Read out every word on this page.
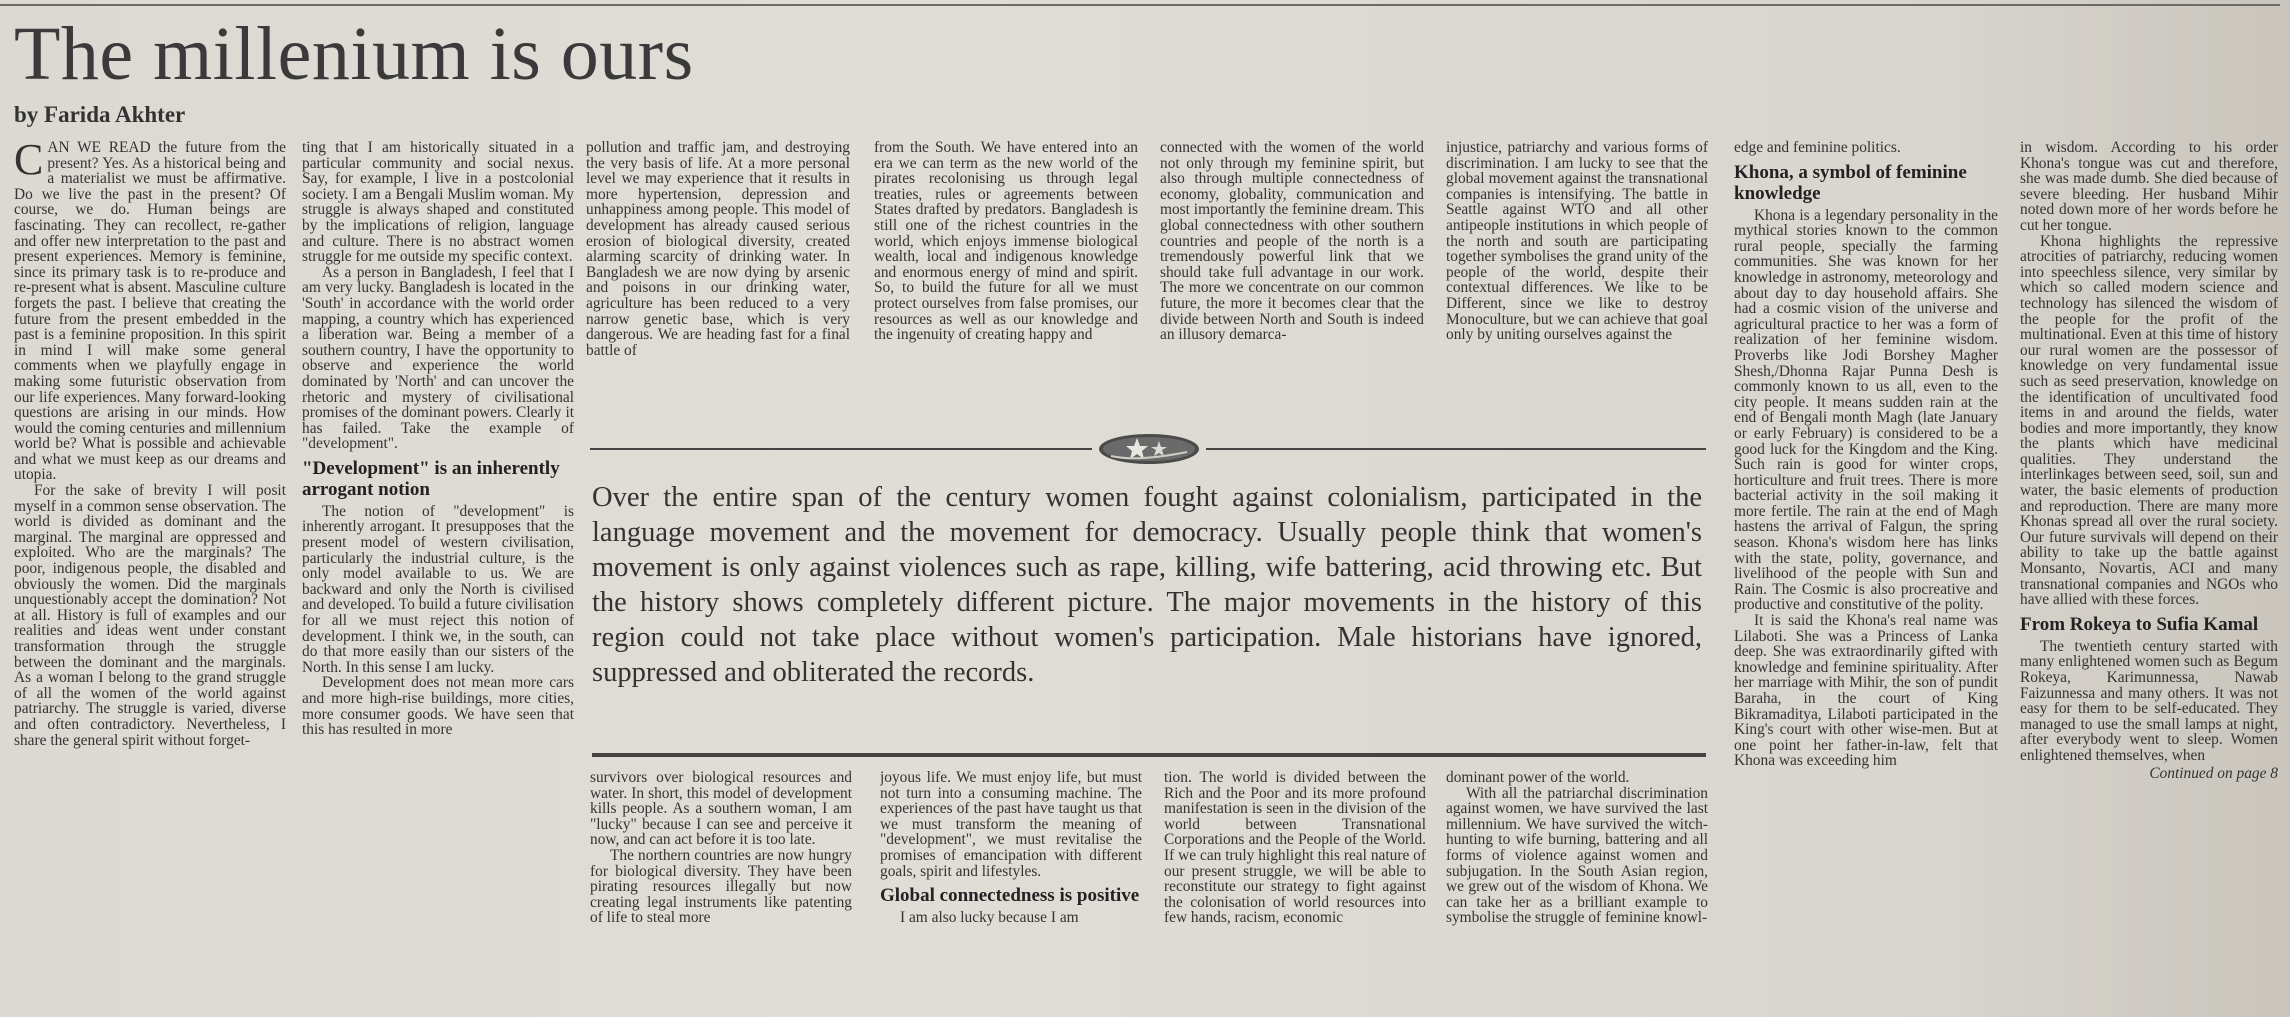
The millenium is ours
by Farida Akhter

CAN WE READ the future from the present? Yes. As a historical being and a materialist we must be affirmative. Do we live the past in the present? Of course, we do. Human beings are fascinating. They can recollect, re-gather and offer new interpretation to the past and present experiences. Memory is feminine, since its primary task is to re-produce and re-present what is absent. Masculine culture forgets the past. I believe that creating the future from the present embedded in the past is a feminine proposition. In this spirit in mind I will make some general comments when we playfully engage in making some futuristic observation from our life experiences. Many forward-looking questions are arising in our minds. How would the coming centuries and millennium world be? What is possible and achievable and what we must keep as our dreams and utopia.

For the sake of brevity I will posit myself in a common sense observation. The world is divided as dominant and the marginal. The marginal are oppressed and exploited. Who are the marginals? The poor, indigenous people, the disabled and obviously the women. Did the marginals unquestionably accept the domination? Not at all. History is full of examples and our realities and ideas went under constant transformation through the struggle between the dominant and the marginals. As a woman I belong to the grand struggle of all the women of the world against patriarchy. The struggle is varied, diverse and often contradictory. Nevertheless, I share the general spirit without forget-

ting that I am historically situated in a particular community and social nexus. Say, for example, I live in a postcolonial society. I am a Bengali Muslim woman. My struggle is always shaped and constituted by the implications of religion, language and culture. There is no abstract women struggle for me outside my specific context.

As a person in Bangladesh, I feel that I am very lucky. Bangladesh is located in the 'South' in accordance with the world order mapping, a country which has experienced a liberation war. Being a member of a southern country, I have the opportunity to observe and experience the world dominated by 'North' and can uncover the rhetoric and mystery of civilisational promises of the dominant powers. Clearly it has failed. Take the example of "development".

"Development" is an inherently arrogant notion

The notion of "development" is inherently arrogant. It presupposes that the present model of western civilisation, particularly the industrial culture, is the only model available to us. We are backward and only the North is civilised and developed. To build a future civilisation for all we must reject this notion of development. I think we, in the south, can do that more easily than our sisters of the North. In this sense I am lucky.

Development does not mean more cars and more high-rise buildings, more cities, more consumer goods. We have seen that this has resulted in more

pollution and traffic jam, and destroying the very basis of life. At a more personal level we may experience that it results in more hypertension, depression and unhappiness among people. This model of development has already caused serious erosion of biological diversity, created alarming scarcity of drinking water. In Bangladesh we are now dying by arsenic and poisons in our drinking water, agriculture has been reduced to a very narrow genetic base, which is very dangerous. We are heading fast for a final battle of

from the South. We have entered into an era we can term as the new world of the pirates recolonising us through legal treaties, rules or agreements between States drafted by predators. Bangladesh is still one of the richest countries in the world, which enjoys immense biological wealth, local and indigenous knowledge and enormous energy of mind and spirit. So, to build the future for all we must protect ourselves from false promises, our resources as well as our knowledge and the ingenuity of creating happy and

connected with the women of the world not only through my feminine spirit, but also through multiple connectedness of economy, globality, communication and most importantly the feminine dream. This global connectedness with other southern countries and people of the north is a tremendously powerful link that we should take full advantage in our work. The more we concentrate on our common future, the more it becomes clear that the divide between North and South is indeed an illusory demarca-

injustice, patriarchy and various forms of discrimination. I am lucky to see that the global movement against the transnational companies is intensifying. The battle in Seattle against WTO and all other antipeople institutions in which people of the north and south are participating together symbolises the grand unity of the people of the world, despite their contextual differences. We like to be Different, since we like to destroy Monoculture, but we can achieve that goal only by uniting ourselves against the

edge and feminine politics.

Khona, a symbol of feminine knowledge

Khona is a legendary personality in the mythical stories known to the common rural people, specially the farming communities. She was known for her knowledge in astronomy, meteorology and about day to day household affairs. She had a cosmic vision of the universe and agricultural practice to her was a form of realization of her feminine wisdom. Proverbs like Jodi Borshey Magher Shesh,/Dhonna Rajar Punna Desh is commonly known to us all, even to the city people. It means sudden rain at the end of Bengali month Magh (late January or early February) is considered to be a good luck for the Kingdom and the King. Such rain is good for winter crops, horticulture and fruit trees. There is more bacterial activity in the soil making it more fertile. The rain at the end of Magh hastens the arrival of Falgun, the spring season. Khona's wisdom here has links with the state, polity, governance, and livelihood of the people with Sun and Rain. The Cosmic is also procreative and productive and constitutive of the polity.

It is said the Khona's real name was Lilaboti. She was a Princess of Lanka deep. She was extraordinarily gifted with knowledge and feminine spirituality. After her marriage with Mihir, the son of pundit Baraha, in the court of King Bikramaditya, Lilaboti participated in the King's court with other wise-men. But at one point her father-in-law, felt that Khona was exceeding him

in wisdom. According to his order Khona's tongue was cut and therefore, she was made dumb. She died because of severe bleeding. Her husband Mihir noted down more of her words before he cut her tongue.

Khona highlights the repressive atrocities of patriarchy, reducing women into speechless silence, very similar by which so called modern science and technology has silenced the wisdom of the people for the profit of the multinational. Even at this time of history our rural women are the possessor of knowledge on very fundamental issue such as seed preservation, knowledge on the identification of uncultivated food items in and around the fields, water bodies and more importantly, they know the plants which have medicinal qualities. They understand the interlinkages between seed, soil, sun and water, the basic elements of production and reproduction. There are many more Khonas spread all over the rural society. Our future survivals will depend on their ability to take up the battle against Monsanto, Novartis, ACI and many transnational companies and NGOs who have allied with these forces.

From Rokeya to Sufia Kamal

The twentieth century started with many enlightened women such as Begum Rokeya, Karimunnessa, Nawab Faizunnessa and many others. It was not easy for them to be self-educated. They managed to use the small lamps at night, after everybody went to sleep. Women enlightened themselves, when

Continued on page 8
Over the entire span of the century women fought against colonialism, participated in the language movement and the movement for democracy. Usually people think that women's movement is only against violences such as rape, killing, wife battering, acid throwing etc. But the history shows completely different picture. The major movements in the history of this region could not take place without women's participation. Male historians have ignored, suppressed and obliterated the records.

survivors over biological resources and water. In short, this model of development kills people. As a southern woman, I am "lucky" because I can see and perceive it now, and can act before it is too late.

The northern countries are now hungry for biological diversity. They have been pirating resources illegally but now creating legal instruments like patenting of life to steal more

joyous life. We must enjoy life, but must not turn into a consuming machine. The experiences of the past have taught us that we must transform the meaning of "development", we must revitalise the promises of emancipation with different goals, spirit and lifestyles.

Global connectedness is positive

I am also lucky because I am

tion. The world is divided between the Rich and the Poor and its more profound manifestation is seen in the division of the world between Transnational Corporations and the People of the World. If we can truly highlight this real nature of our present struggle, we will be able to reconstitute our strategy to fight against the colonisation of world resources into few hands, racism, economic

dominant power of the world.

With all the patriarchal discrimination against women, we have survived the last millennium. We have survived the witch-hunting to wife burning, battering and all forms of violence against women and subjugation. In the South Asian region, we grew out of the wisdom of Khona. We can take her as a brilliant example to symbolise the struggle of feminine knowl-
